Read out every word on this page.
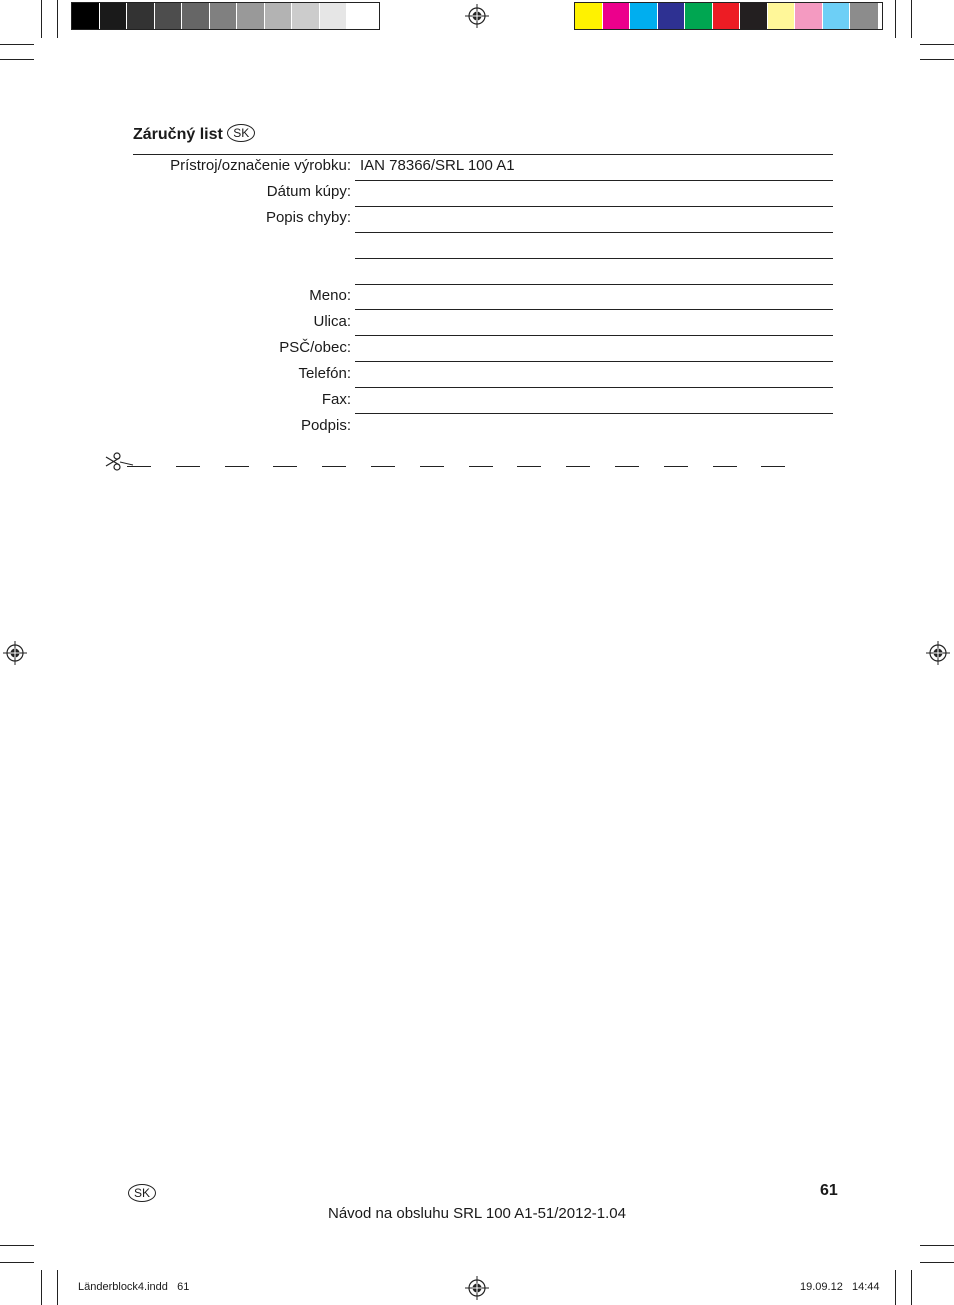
Záručný list SK
Prístroj/označenie výrobku: IAN 78366/SRL 100 A1
Dátum kúpy:
Popis chyby:
Meno:
Ulica:
PSČ/obec:
Telefón:
Fax:
Podpis:
SK	61
Návod na obsluhu SRL 100 A1-51/2012-1.04
Länderblock4.indd   61	19.09.12   14:44
